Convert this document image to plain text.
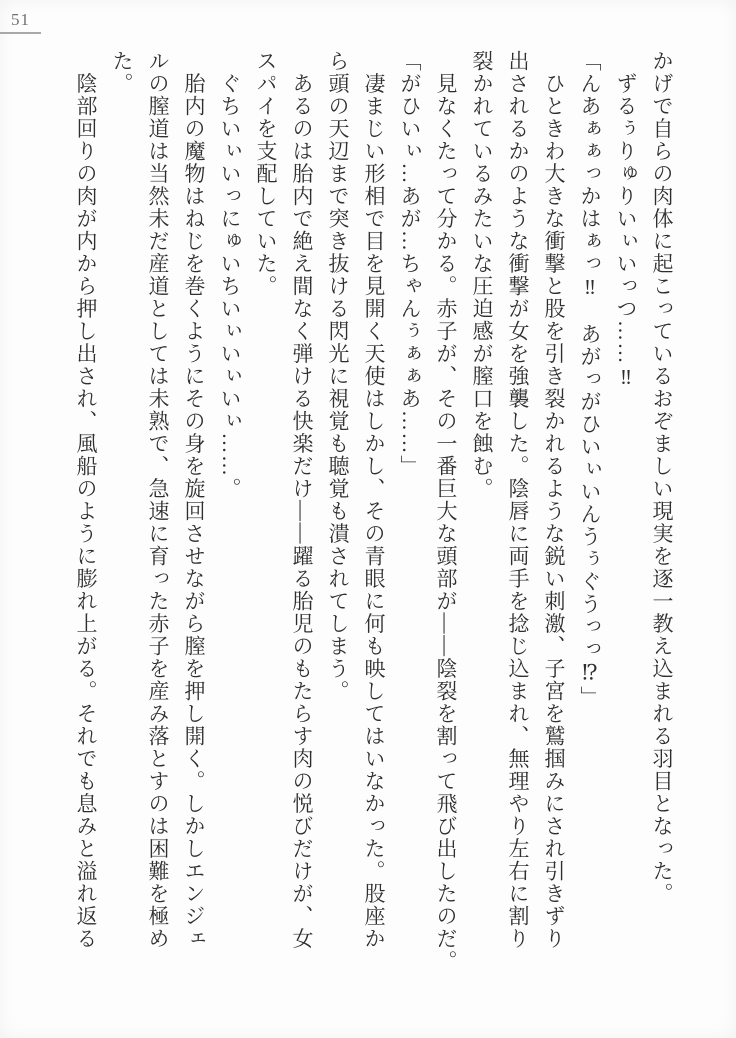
51
かげで自らの肉体に起こっているおぞましい現実を逐一教え込まれる羽目となった。
　ずるぅりゅりいぃいっつ……‼
「んあぁぁっかはぁっ‼　あがっがひいぃいんうぅぐうっっ⁉」
　ひときわ大きな衝撃と股を引き裂かれるような鋭い刺激、子宮を鷲掴みにされ引きずり
出されるかのような衝撃が女を強襲した。陰唇に両手を捻じ込まれ、無理やり左右に割り
裂かれているみたいな圧迫感が膣口を蝕む。
　見なくたって分かる。赤子が、その一番巨大な頭部が——陰裂を割って飛び出したのだ。
「がひいぃ…あが…ちゃんぅぁぁあ……」
　凄まじい形相で目を見開く天使はしかし、その青眼に何も映してはいなかった。股座か
ら頭の天辺まで突き抜ける閃光に視覚も聴覚も潰されてしまう。
　あるのは胎内で絶え間なく弾ける快楽だけ——躍る胎児のもたらす肉の悦びだけが、女
スパイを支配していた。
　ぐちいぃいっにゅいちいぃいぃいぃ……。
　胎内の魔物はねじを巻くようにその身を旋回させながら膣を押し開く。しかしエンジェ
ルの膣道は当然未だ産道としては未熟で、急速に育った赤子を産み落とすのは困難を極め
た。
　陰部回りの肉が内から押し出され、風船のように膨れ上がる。それでも息みと溢れ返る
